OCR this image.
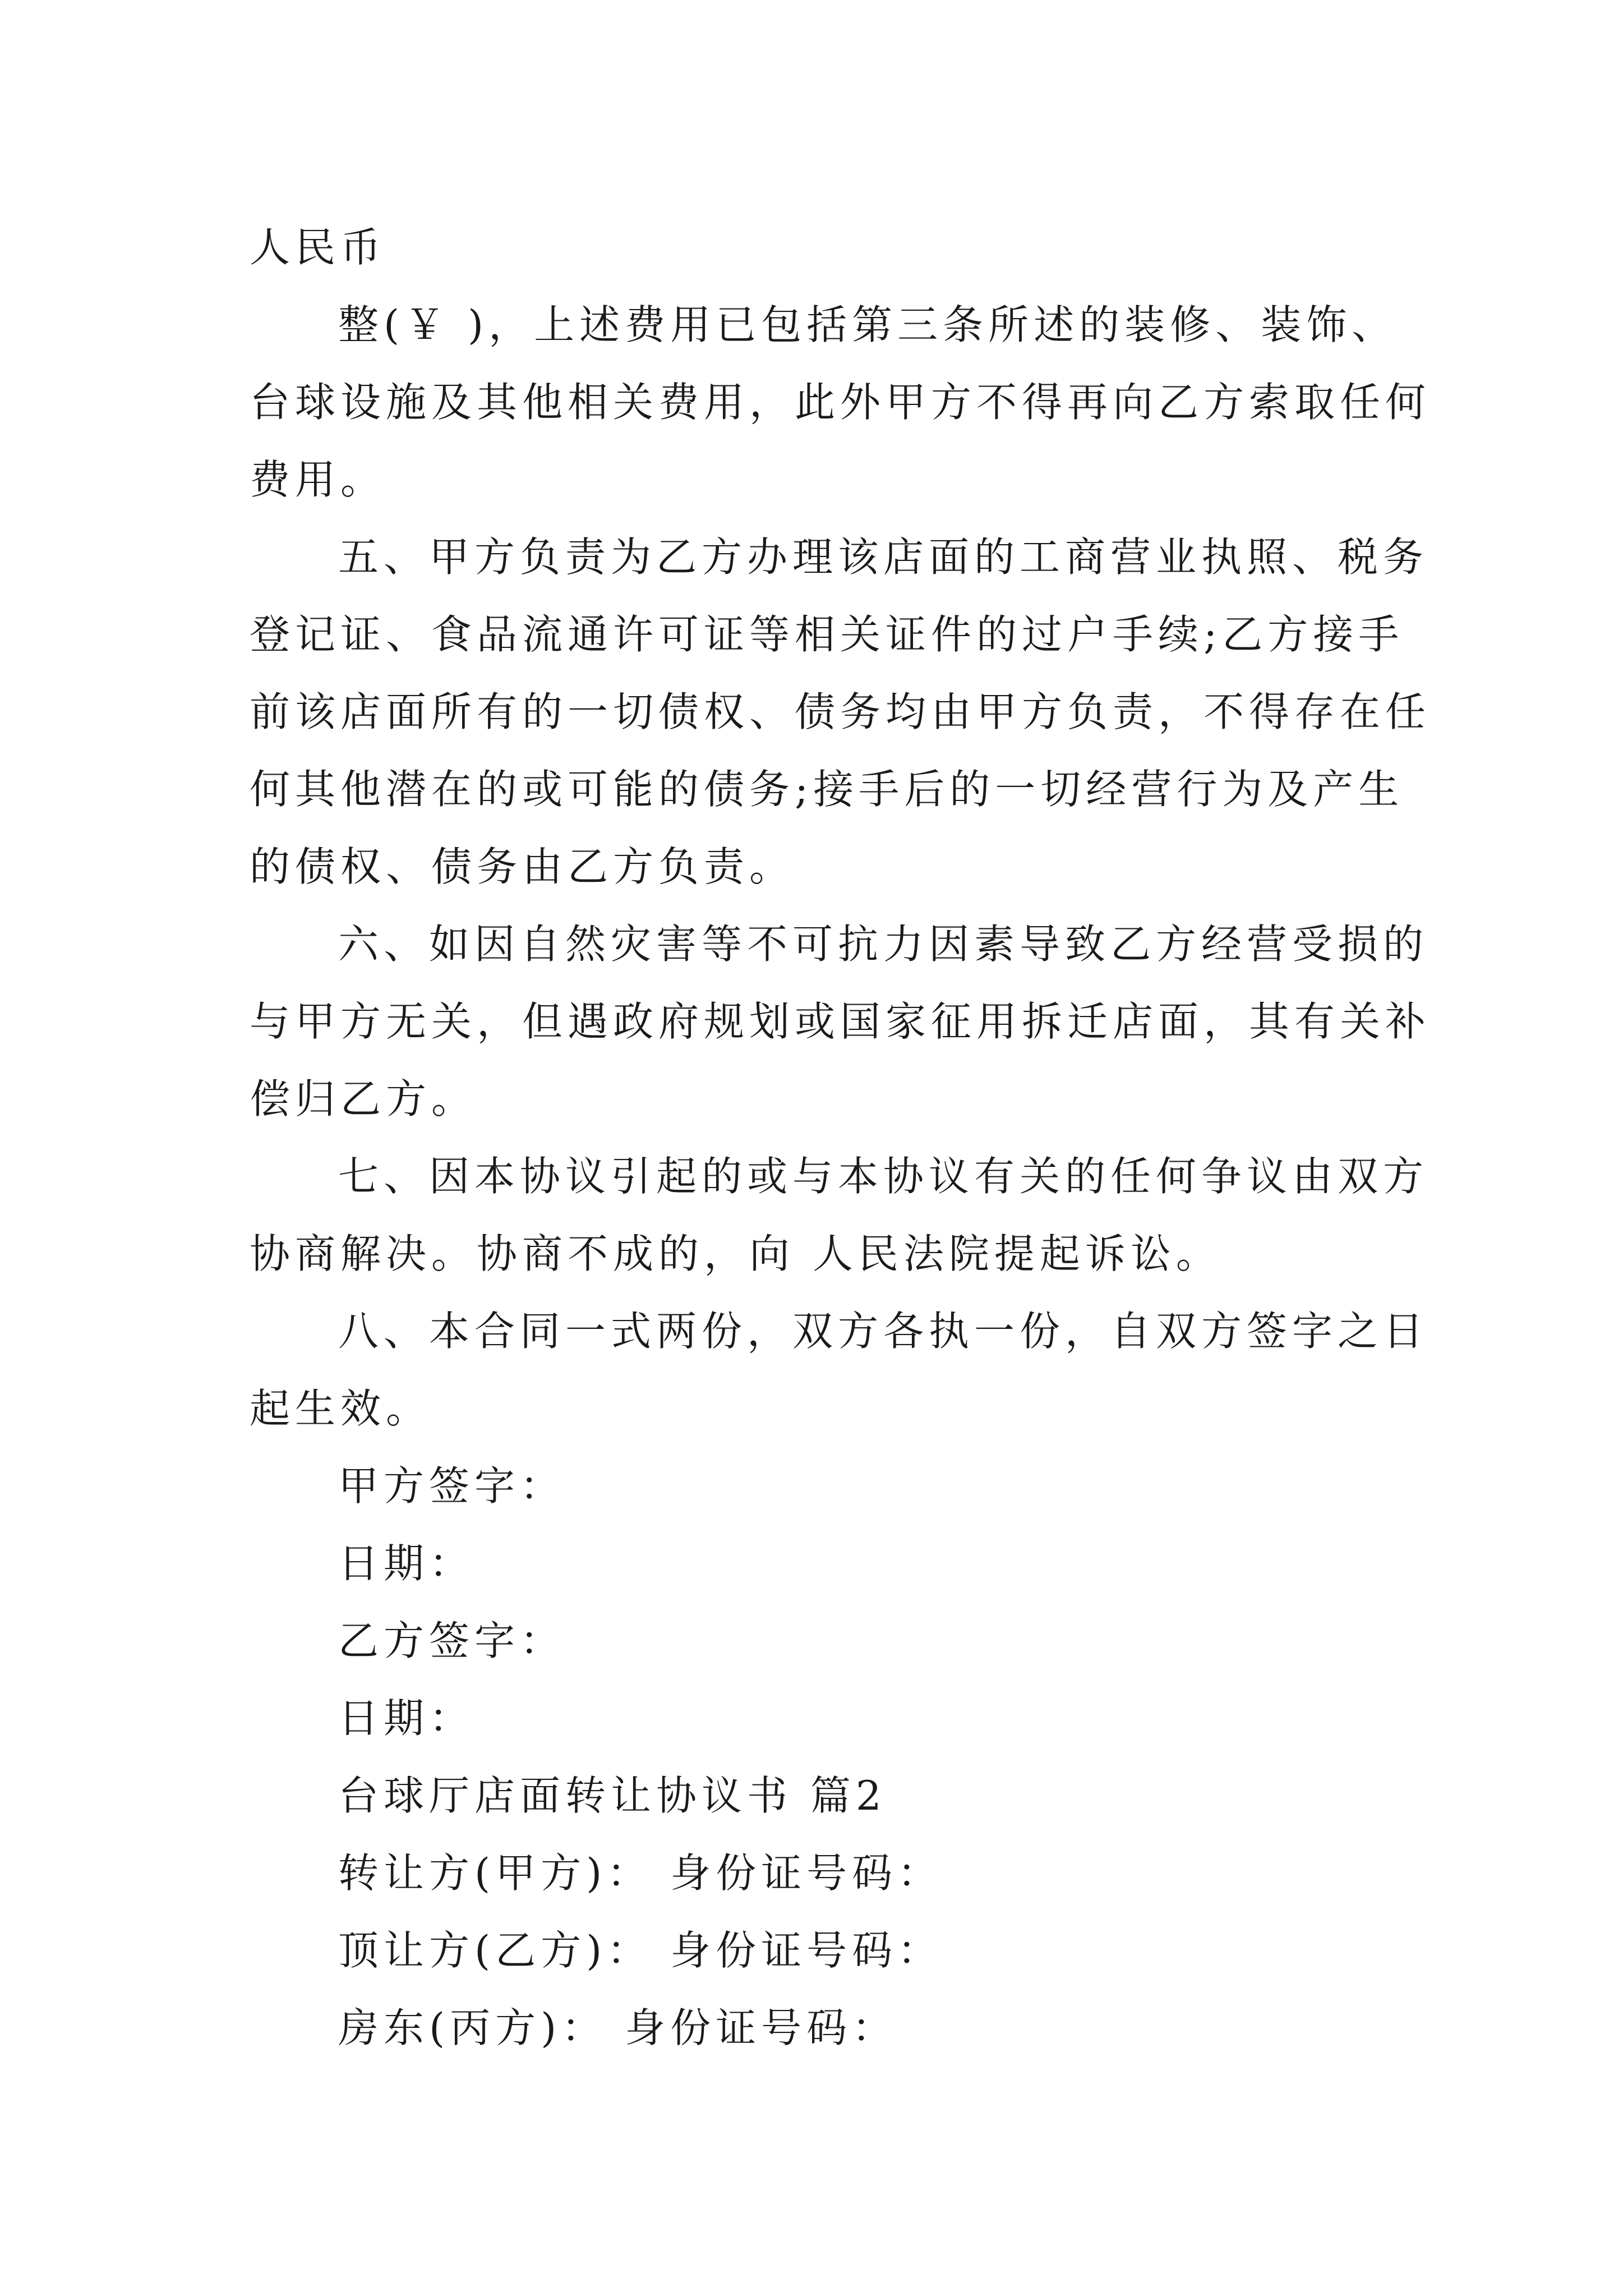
人民币
整(￥ )，上述费用已包括第三条所述的装修、装饰、
台球设施及其他相关费用，此外甲方不得再向乙方索取任何
费用。
五、甲方负责为乙方办理该店面的工商营业执照、税务
登记证、食品流通许可证等相关证件的过户手续;乙方接手
前该店面所有的一切债权、债务均由甲方负责，不得存在任
何其他潜在的或可能的债务;接手后的一切经营行为及产生
的债权、债务由乙方负责。
六、如因自然灾害等不可抗力因素导致乙方经营受损的
与甲方无关，但遇政府规划或国家征用拆迁店面，其有关补
偿归乙方。
七、因本协议引起的或与本协议有关的任何争议由双方
协商解决。协商不成的，向 人民法院提起诉讼。
八、本合同一式两份，双方各执一份，自双方签字之日
起生效。
甲方签字：
日期：
乙方签字：
日期：
台球厅店面转让协议书 篇2
转让方(甲方)： 身份证号码：
顶让方(乙方)： 身份证号码：
房东(丙方)： 身份证号码：
